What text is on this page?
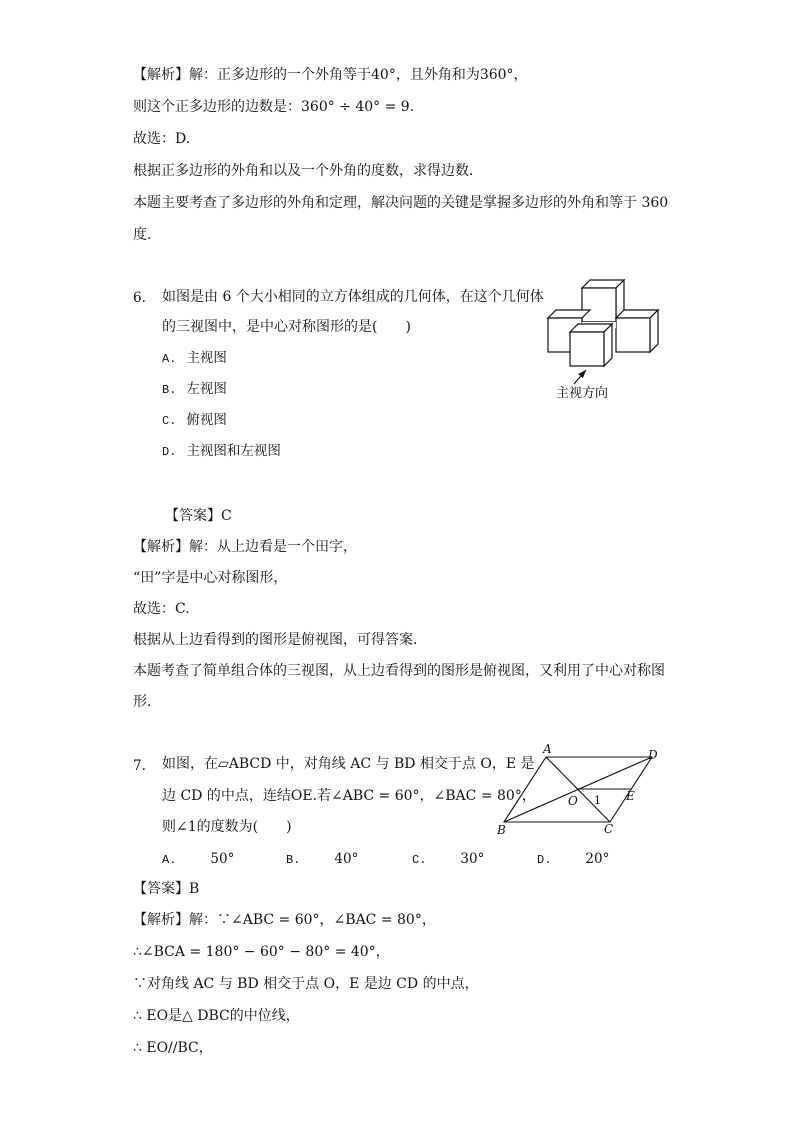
【解析】解：正多边形的一个外角等于40°，且外角和为360°，
则这个正多边形的边数是：360° ÷ 40° = 9．
故选：D.
根据正多边形的外角和以及一个外角的度数，求得边数．
本题主要考查了多边形的外角和定理，解决问题的关键是掌握多边形的外角和等于 360
度．
6. 如图是由 6 个大小相同的立方体组成的几何体，在这个几何体
的三视图中，是中心对称图形的是(　　)
A. 主视图
B. 左视图
C. 俯视图
D. 主视图和左视图
主视方向
【答案】C
【解析】解：从上边看是一个田字，
“田”字是中心对称图形，
故选：C.
根据从上边看得到的图形是俯视图，可得答案．
本题考查了简单组合体的三视图，从上边看得到的图形是俯视图，又利用了中心对称图
形．
7. 如图，在▱ABCD 中，对角线 AC 与 BD 相交于点 O，E 是
边 CD 的中点，连结OE.若∠ABC = 60°，∠BAC = 80°，
则∠1的度数为(　　)
A.	50°	B.	40°	C.	30°	D.	20°
A	D
B	C
O	E
1
【答案】B
【解析】解：∵∠ABC = 60°，∠BAC = 80°，
∴∠BCA = 180° − 60° − 80° = 40°，
∵对角线 AC 与 BD 相交于点 O，E 是边 CD 的中点，
∴ EO是△ DBC的中位线，
∴ EO//BC，
